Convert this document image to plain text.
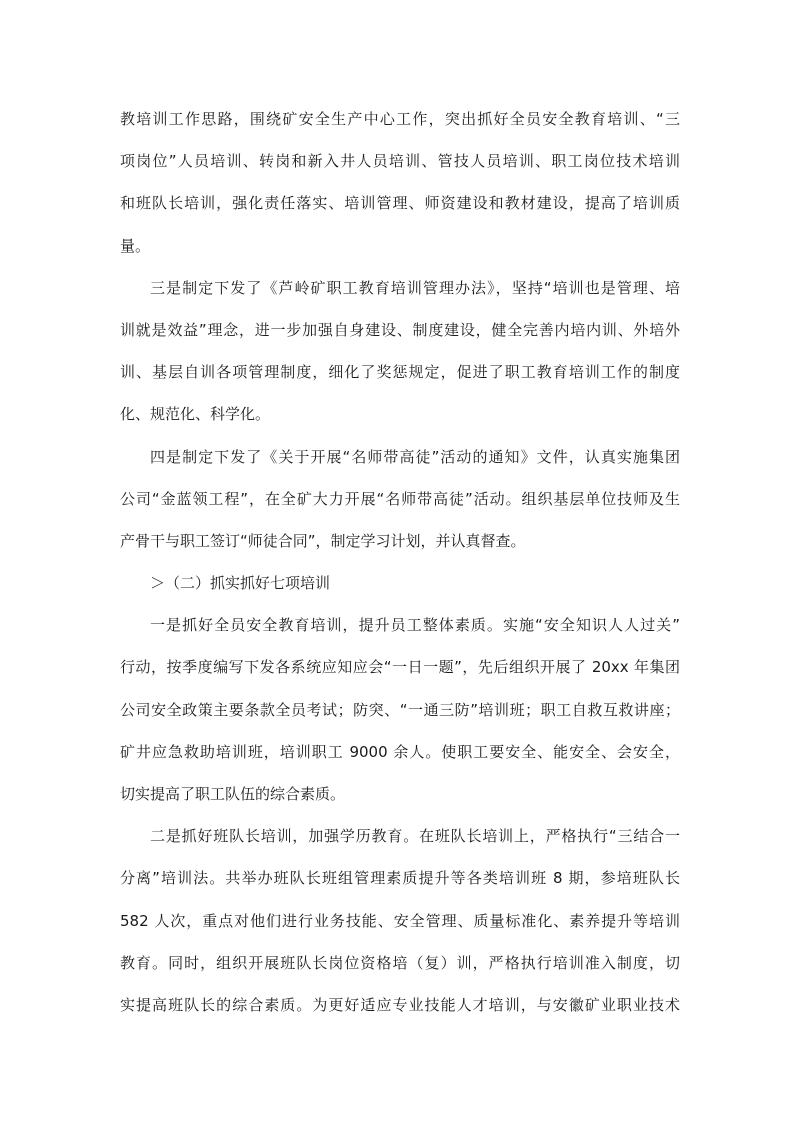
教培训工作思路，围绕矿安全生产中心工作，突出抓好全员安全教育培训、“三
项岗位”人员培训、转岗和新入井人员培训、管技人员培训、职工岗位技术培训
和班队长培训，强化责任落实、培训管理、师资建设和教材建设，提高了培训质
量。
三是制定下发了《芦岭矿职工教育培训管理办法》，坚持“培训也是管理、培
训就是效益”理念，进一步加强自身建设、制度建设，健全完善内培内训、外培外
训、基层自训各项管理制度，细化了奖惩规定，促进了职工教育培训工作的制度
化、规范化、科学化。
四是制定下发了《关于开展“名师带高徒”活动的通知》文件，认真实施集团
公司“金蓝领工程”，在全矿大力开展“名师带高徒”活动。组织基层单位技师及生
产骨干与职工签订“师徒合同”，制定学习计划，并认真督查。
＞（二）抓实抓好七项培训
一是抓好全员安全教育培训，提升员工整体素质。实施“安全知识人人过关”
行动，按季度编写下发各系统应知应会“一日一题”，先后组织开展了 20xx 年集团
公司安全政策主要条款全员考试；防突、“一通三防”培训班；职工自救互救讲座；
矿井应急救助培训班，培训职工 9000 余人。使职工要安全、能安全、会安全，
切实提高了职工队伍的综合素质。
二是抓好班队长培训，加强学历教育。在班队长培训上，严格执行“三结合一
分离”培训法。共举办班队长班组管理素质提升等各类培训班 8 期，参培班队长
582 人次，重点对他们进行业务技能、安全管理、质量标准化、素养提升等培训
教育。同时，组织开展班队长岗位资格培（复）训，严格执行培训准入制度，切
实提高班队长的综合素质。为更好适应专业技能人才培训，与安徽矿业职业技术
